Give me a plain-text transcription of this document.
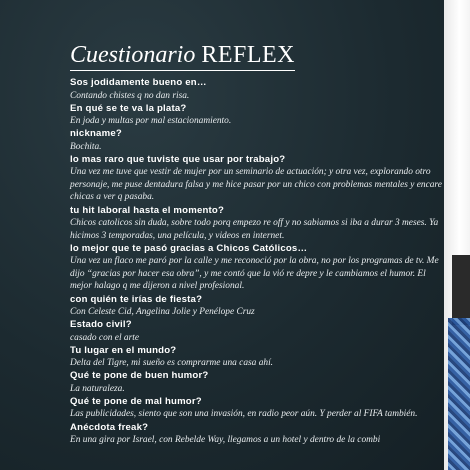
Cuestionario REFLEX
Sos jodidamente bueno en…
Contando chistes q no dan risa.
En qué se te va la plata?
En joda y multas por mal estacionamiento.
nickname?
Bochita.
lo mas raro que tuviste que usar por trabajo?
Una vez me tuve que vestir de mujer por un seminario de actuación; y otra vez, explorando otro personaje, me puse dentadura falsa y me hice pasar por un chico con problemas mentales y encare chicas a ver q pasaba.
tu hit laboral hasta el momento?
Chicos catolicos sin duda, sobre todo porq empezo re off y no sabiamos si iba a durar 3 meses. Ya hicimos 3 temporadas, una película, y videos en internet.
lo mejor que te pasó gracias a Chicos Católicos…
Una vez un flaco me paró por la calle y me reconoció por la obra, no por los programas de tv. Me dijo “gracias por hacer esa obra”, y me contó que la vió re depre y le cambiamos el humor. El mejor halago q me dijeron a nivel profesional.
con quién te irías de fiesta?
Con Celeste Cid, Angelina Jolie y Penélope Cruz
Estado civil?
casado con el arte
Tu lugar en el mundo?
Delta del Tigre, mi sueño es comprarme una casa ahí.
Qué te pone de buen humor?
La naturaleza.
Qué te pone de mal humor?
Las publicidades, siento que son una invasión, en radio peor aún. Y perder al FIFA también.
Anécdota freak?
En una gira por Israel, con Rebelde Way, llegamos a un hotel y dentro de la combi
